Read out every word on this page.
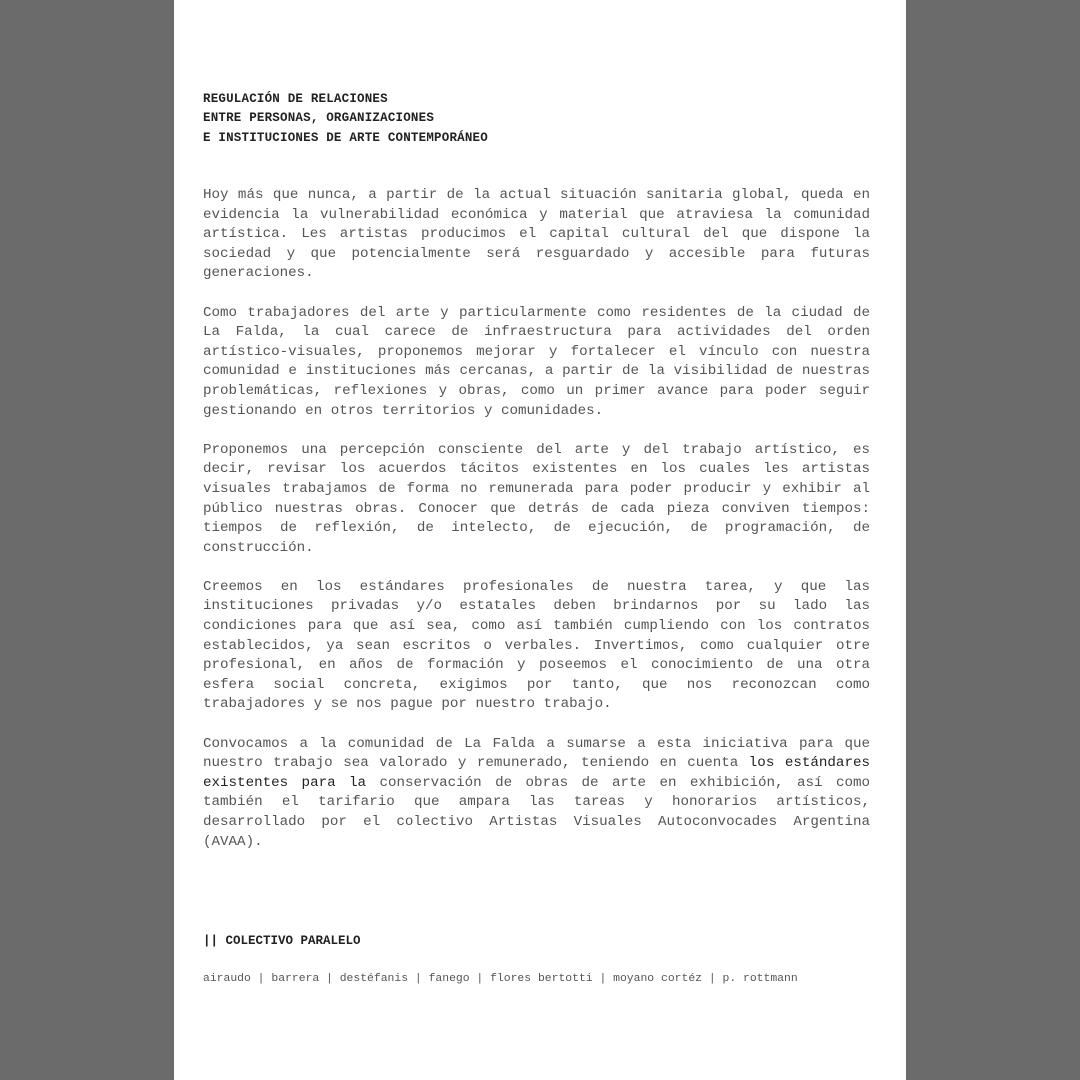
REGULACIÓN DE RELACIONES
ENTRE PERSONAS, ORGANIZACIONES
E INSTITUCIONES DE ARTE CONTEMPORÁNEO

Hoy más que nunca, a partir de la actual situación sanitaria global, queda en evidencia la vulnerabilidad económica y material que atraviesa la comunidad artística. Les artistas producimos el capital cultural del que dispone la sociedad y que potencialmente será resguardado y accesible para futuras generaciones.

Como trabajadores del arte y particularmente como residentes de la ciudad de La Falda, la cual carece de infraestructura para actividades del orden artístico-visuales, proponemos mejorar y fortalecer el vínculo con nuestra comunidad e instituciones más cercanas, a partir de la visibilidad de nuestras problemáticas, reflexiones y obras, como un primer avance para poder seguir gestionando en otros territorios y comunidades.

Proponemos una percepción consciente del arte y del trabajo artístico, es decir, revisar los acuerdos tácitos existentes en los cuales les artistas visuales trabajamos de forma no remunerada para poder producir y exhibir al público nuestras obras. Conocer que detrás de cada pieza conviven tiempos: tiempos de reflexión, de intelecto, de ejecución, de programación, de construcción.

Creemos en los estándares profesionales de nuestra tarea, y que las instituciones privadas y/o estatales deben brindarnos por su lado las condiciones para que así sea, como así también cumpliendo con los contratos establecidos, ya sean escritos o verbales. Invertimos, como cualquier otre profesional, en años de formación y poseemos el conocimiento de una otra esfera social concreta, exigimos por tanto, que nos reconozcan como trabajadores y se nos pague por nuestro trabajo.

Convocamos a la comunidad de La Falda a sumarse a esta iniciativa para que nuestro trabajo sea valorado y remunerado, teniendo en cuenta los estándares existentes para la conservación de obras de arte en exhibición, así como también el tarifario que ampara las tareas y honorarios artísticos, desarrollado por el colectivo Artistas Visuales Autoconvocades Argentina (AVAA).

|| COLECTIVO PARALELO
airaudo | barrera | destéfanis | fanego | flores bertotti | moyano cortéz | p. rottmann
